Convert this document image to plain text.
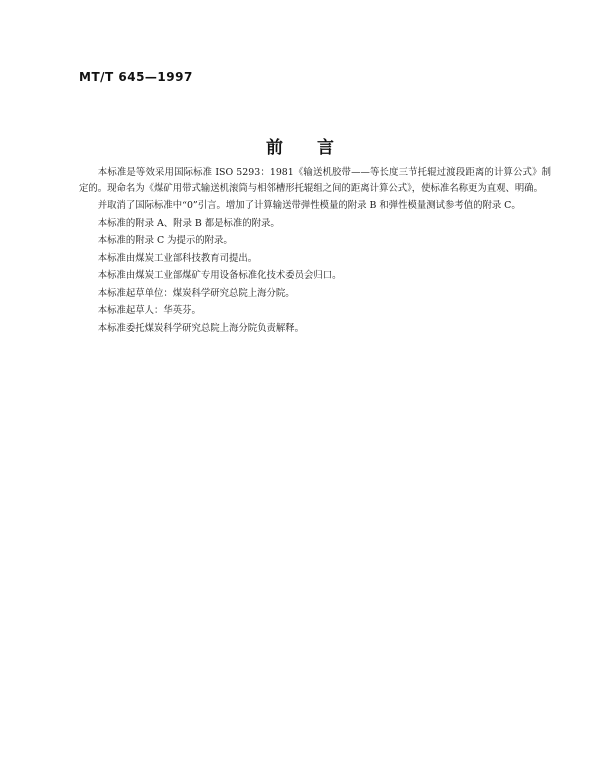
MT/T 645—1997
前 言

本标准是等效采用国际标准 ISO 5293：1981《输送机胶带——等长度三节托辊过渡段距离的计算公式》制定的。现命名为《煤矿用带式输送机滚筒与相邻槽形托辊组之间的距离计算公式》，使标准名称更为直观、明确。

并取消了国际标准中“0”引言。增加了计算输送带弹性模量的附录 B 和弹性模量测试参考值的附录 C。

本标准的附录 A、附录 B 都是标准的附录。

本标准的附录 C 为提示的附录。

本标准由煤炭工业部科技教育司提出。

本标准由煤炭工业部煤矿专用设备标准化技术委员会归口。

本标准起草单位：煤炭科学研究总院上海分院。

本标准起草人：华英芬。

本标准委托煤炭科学研究总院上海分院负责解释。
